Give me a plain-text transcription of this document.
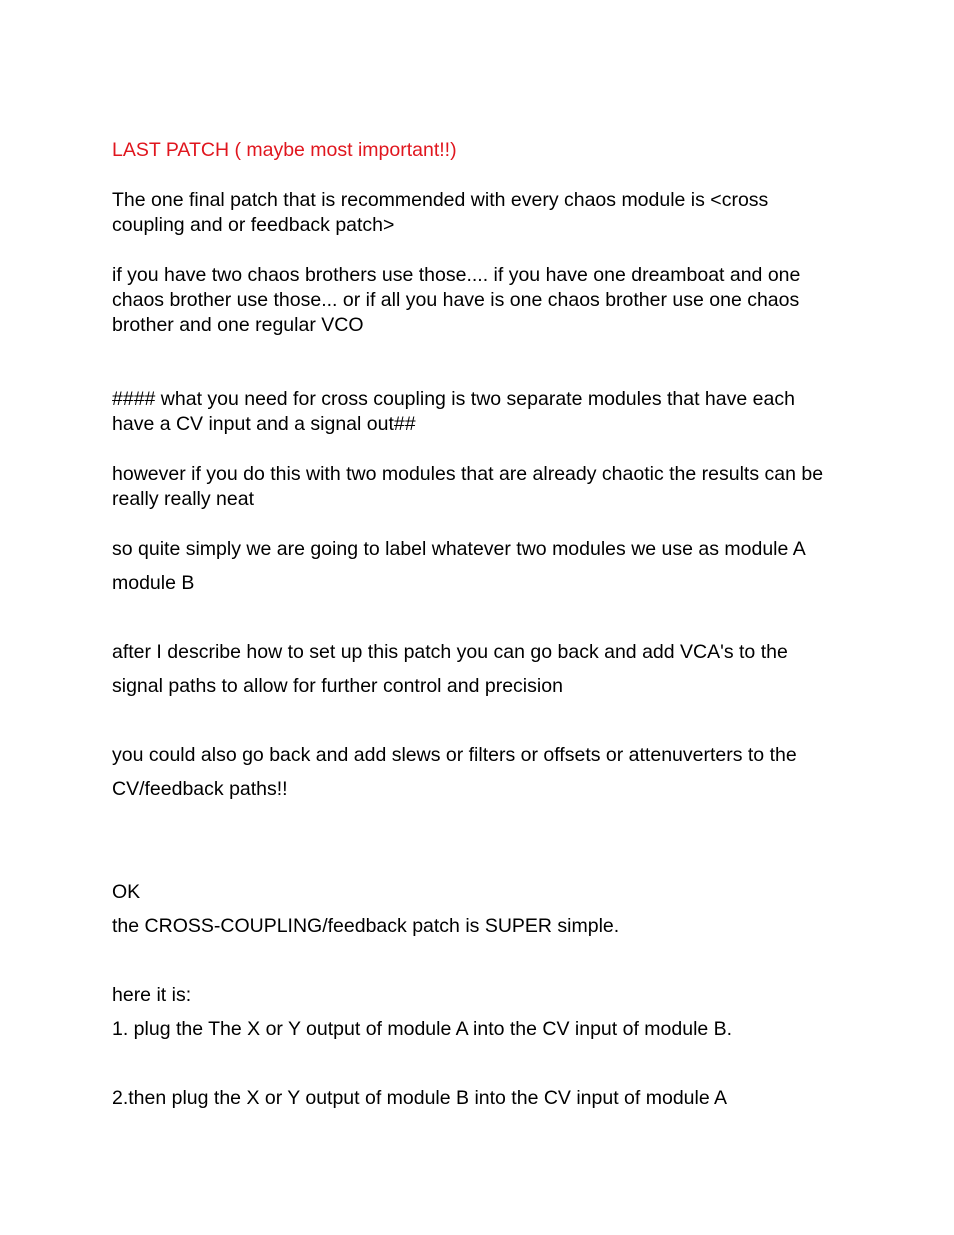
LAST PATCH ( maybe most important!!)

The one final patch that is recommended with every chaos module is <cross coupling and or feedback patch>

if you have two chaos brothers use those.... if you have one dreamboat and one chaos brother use those... or if all you have is one chaos brother use one chaos brother and one regular VCO

#### what you need for cross coupling is two separate modules that have each have a CV input and a signal out##

however if you do this with two modules that are already chaotic the results can be really really neat

so quite simply we are going to label whatever two modules we use as module A module B

after I describe how to set up this patch you can go back and add VCA's to the signal paths to allow for further control and precision

you could also go back and add slews or filters or offsets or attenuverters to the CV/feedback paths!!

OK

the CROSS-COUPLING/feedback patch is SUPER simple.

here it is:

1. plug the The X or Y output of module A into the CV input of module B.

2.then plug the X or Y output of module B into the CV input of module A
